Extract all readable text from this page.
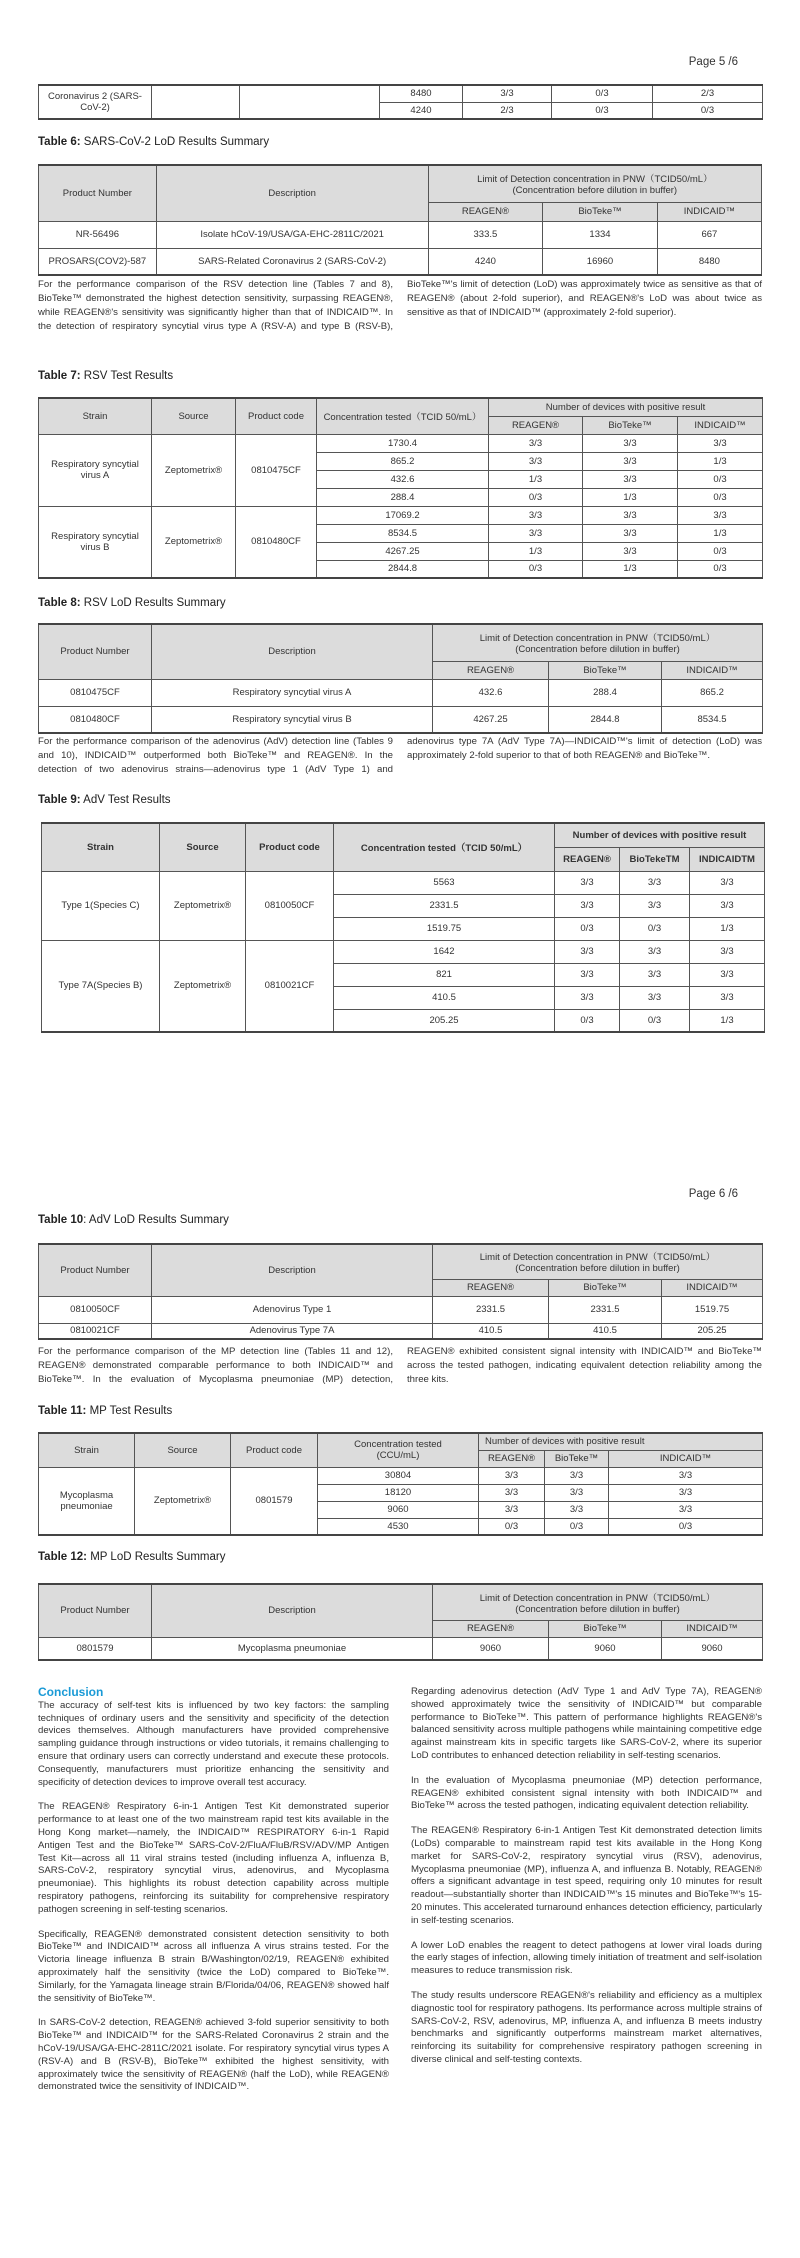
Page 5 /6
Coronavirus 2 (SARS-CoV-2)			8480	3/3	0/3	2/3
			4240	2/3	0/3	0/3
Table 6: SARS-CoV-2 LoD Results Summary
Product Number	Description	Limit of Detection concentration in PNW（TCID50/mL）
(Concentration before dilution in buffer)		

		REAGEN®	BioTeke™	INDICAID™
NR-56496	Isolate hCoV-19/USA/GA-EHC-2811C/2021	333.5	1334	667
PROSARS(COV2)-587	SARS-Related Coronavirus 2 (SARS-CoV-2)	4240	16960	8480
For the performance comparison of the RSV detection line (Tables 7 and 8), BioTeke™ demonstrated the highest detection sensitivity, surpassing REAGEN®, while REAGEN®'s sensitivity was significantly higher than that of INDICAID™. In the detection of respiratory syncytial virus type A (RSV-A) and type B (RSV-B), BioTeke™'s limit of detection (LoD) was approximately twice as sensitive as that of REAGEN® (about 2-fold superior), and REAGEN®'s LoD was about twice as sensitive as that of INDICAID™ (approximately 2-fold superior).
Table 7: RSV Test Results
Strain	Source	Product code	Concentration tested（TCID 50/mL）	Number of devices with positive result		
				REAGEN®	BioTeke™	INDICAID™
Respiratory syncytial virus A	Zeptometrix®	0810475CF	1730.4	3/3	3/3	3/3
			865.2	3/3	3/3	1/3
			432.6	1/3	3/3	0/3
			288.4	0/3	1/3	0/3
Respiratory syncytial virus B	Zeptometrix®	0810480CF	17069.2	3/3	3/3	3/3
			8534.5	3/3	3/3	1/3
			4267.25	1/3	3/3	0/3
			2844.8	0/3	1/3	0/3
Table 8: RSV LoD Results Summary
Product Number	Description	Limit of Detection concentration in PNW（TCID50/mL）
(Concentration before dilution in buffer)		

		REAGEN®	BioTeke™	INDICAID™
0810475CF	Respiratory syncytial virus A	432.6	288.4	865.2
0810480CF	Respiratory syncytial virus B	4267.25	2844.8	8534.5
For the performance comparison of the adenovirus (AdV) detection line (Tables 9 and 10), INDICAID™ outperformed both BioTeke™ and REAGEN®. In the detection of two adenovirus strains—adenovirus type 1 (AdV Type 1) and adenovirus type 7A (AdV Type 7A)—INDICAID™'s limit of detection (LoD) was approximately 2-fold superior to that of both REAGEN® and BioTeke™.
Table 9: AdV Test Results
Strain	Source	Product code	Concentration tested（TCID 50/mL）	Number of devices with positive result		
				REAGEN®	BioTekeTM	INDICAIDTM
Type 1(Species C)	Zeptometrix®	0810050CF	5563	3/3	3/3	3/3
			2331.5	3/3	3/3	3/3
			1519.75	0/3	0/3	1/3
Type 7A(Species B)	Zeptometrix®	0810021CF	1642	3/3	3/3	3/3
			821	3/3	3/3	3/3
			410.5	3/3	3/3	3/3
			205.25	0/3	0/3	1/3
Page 6 /6
Table 10: AdV LoD Results Summary
Product Number	Description	Limit of Detection concentration in PNW（TCID50/mL）
(Concentration before dilution in buffer)		

		REAGEN®	BioTeke™	INDICAID™
0810050CF	Adenovirus Type 1	2331.5	2331.5	1519.75
0810021CF	Adenovirus Type 7A	410.5	410.5	205.25
For the performance comparison of the MP detection line (Tables 11 and 12), REAGEN® demonstrated comparable performance to both INDICAID™ and BioTeke™. In the evaluation of Mycoplasma pneumoniae (MP) detection, REAGEN® exhibited consistent signal intensity with INDICAID™ and BioTeke™ across the tested pathogen, indicating equivalent detection reliability among the three kits.
Table 11: MP Test Results
Strain	Source	Product code	Concentration tested
(CCU/mL)	Number of devices with positive result		
				REAGEN®	BioTeke™	INDICAID™
Mycoplasma pneumoniae	Zeptometrix®	0801579	30804	3/3	3/3	3/3
			18120	3/3	3/3	3/3
			9060	3/3	3/3	3/3
			4530	0/3	0/3	0/3
Table 12: MP LoD Results Summary
Product Number	Description	Limit of Detection concentration in PNW（TCID50/mL）
(Concentration before dilution in buffer)		

		REAGEN®	BioTeke™	INDICAID™
0801579	Mycoplasma pneumoniae	9060	9060	9060
Conclusion

The accuracy of self-test kits is influenced by two key factors: the sampling techniques of ordinary users and the sensitivity and specificity of the detection devices themselves. Although manufacturers have provided comprehensive sampling guidance through instructions or video tutorials, it remains challenging to ensure that ordinary users can correctly understand and execute these protocols. Consequently, manufacturers must prioritize enhancing the sensitivity and specificity of detection devices to improve overall test accuracy.

The REAGEN® Respiratory 6-in-1 Antigen Test Kit demonstrated superior performance to at least one of the two mainstream rapid test kits available in the Hong Kong market—namely, the INDICAID™ RESPIRATORY 6-in-1 Rapid Antigen Test and the BioTeke™ SARS-CoV-2/FluA/FluB/RSV/ADV/MP Antigen Test Kit—across all 11 viral strains tested (including influenza A, influenza B, SARS-CoV-2, respiratory syncytial virus, adenovirus, and Mycoplasma pneumoniae). This highlights its robust detection capability across multiple respiratory pathogens, reinforcing its suitability for comprehensive respiratory pathogen screening in self-testing scenarios.

Specifically, REAGEN® demonstrated consistent detection sensitivity to both BioTeke™ and INDICAID™ across all influenza A virus strains tested. For the Victoria lineage influenza B strain B/Washington/02/19, REAGEN® exhibited approximately half the sensitivity (twice the LoD) compared to BioTeke™. Similarly, for the Yamagata lineage strain B/Florida/04/06, REAGEN® showed half the sensitivity of BioTeke™.

In SARS-CoV-2 detection, REAGEN® achieved 3-fold superior sensitivity to both BioTeke™ and INDICAID™ for the SARS-Related Coronavirus 2 strain and the hCoV-19/USA/GA-EHC-2811C/2021 isolate. For respiratory syncytial virus types A (RSV-A) and B (RSV-B), BioTeke™ exhibited the highest sensitivity, with approximately twice the sensitivity of REAGEN® (half the LoD), while REAGEN® demonstrated twice the sensitivity of INDICAID™.

Regarding adenovirus detection (AdV Type 1 and AdV Type 7A), REAGEN® showed approximately twice the sensitivity of INDICAID™ but comparable performance to BioTeke™. This pattern of performance highlights REAGEN®'s balanced sensitivity across multiple pathogens while maintaining competitive edge against mainstream kits in specific targets like SARS-CoV-2, where its superior LoD contributes to enhanced detection reliability in self-testing scenarios.

In the evaluation of Mycoplasma pneumoniae (MP) detection performance, REAGEN® exhibited consistent signal intensity with both INDICAID™ and BioTeke™ across the tested pathogen, indicating equivalent detection reliability.

The REAGEN® Respiratory 6-in-1 Antigen Test Kit demonstrated detection limits (LoDs) comparable to mainstream rapid test kits available in the Hong Kong market for SARS-CoV-2, respiratory syncytial virus (RSV), adenovirus, Mycoplasma pneumoniae (MP), influenza A, and influenza B. Notably, REAGEN® offers a significant advantage in test speed, requiring only 10 minutes for result readout—substantially shorter than INDICAID™'s 15 minutes and BioTeke™'s 15-20 minutes. This accelerated turnaround enhances detection efficiency, particularly in self-testing scenarios.

A lower LoD enables the reagent to detect pathogens at lower viral loads during the early stages of infection, allowing timely initiation of treatment and self-isolation measures to reduce transmission risk.

The study results underscore REAGEN®'s reliability and efficiency as a multiplex diagnostic tool for respiratory pathogens. Its performance across multiple strains of SARS-CoV-2, RSV, adenovirus, MP, influenza A, and influenza B meets industry benchmarks and significantly outperforms mainstream market alternatives, reinforcing its suitability for comprehensive respiratory pathogen screening in diverse clinical and self-testing contexts.
